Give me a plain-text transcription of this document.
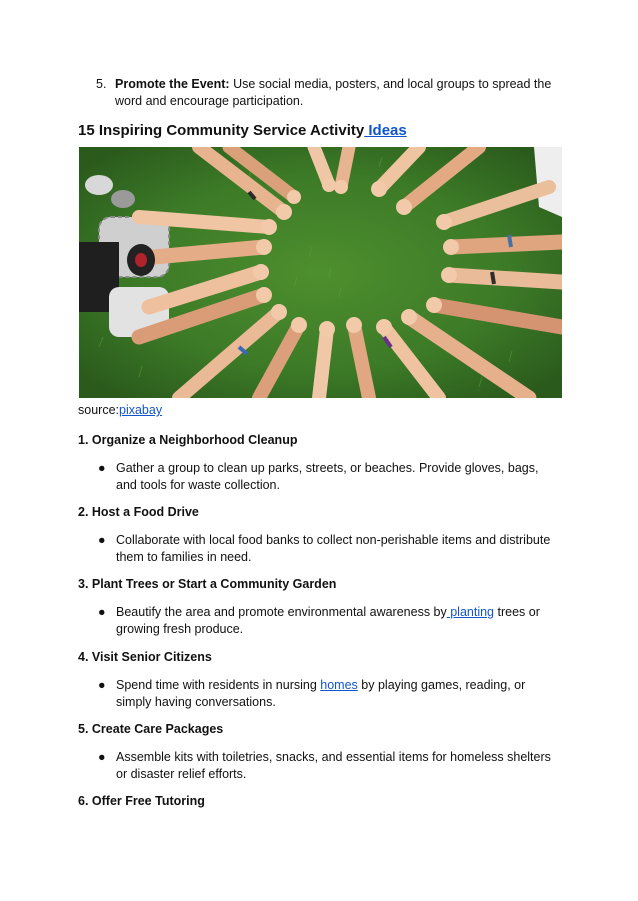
5. Promote the Event: Use social media, posters, and local groups to spread the word and encourage participation.
15 Inspiring Community Service Activity Ideas
source:pixabay
1. Organize a Neighborhood Cleanup
● Gather a group to clean up parks, streets, or beaches. Provide gloves, bags, and tools for waste collection.
2. Host a Food Drive
● Collaborate with local food banks to collect non-perishable items and distribute them to families in need.
3. Plant Trees or Start a Community Garden
● Beautify the area and promote environmental awareness by planting trees or growing fresh produce.
4. Visit Senior Citizens
● Spend time with residents in nursing homes by playing games, reading, or simply having conversations.
5. Create Care Packages
● Assemble kits with toiletries, snacks, and essential items for homeless shelters or disaster relief efforts.
6. Offer Free Tutoring
